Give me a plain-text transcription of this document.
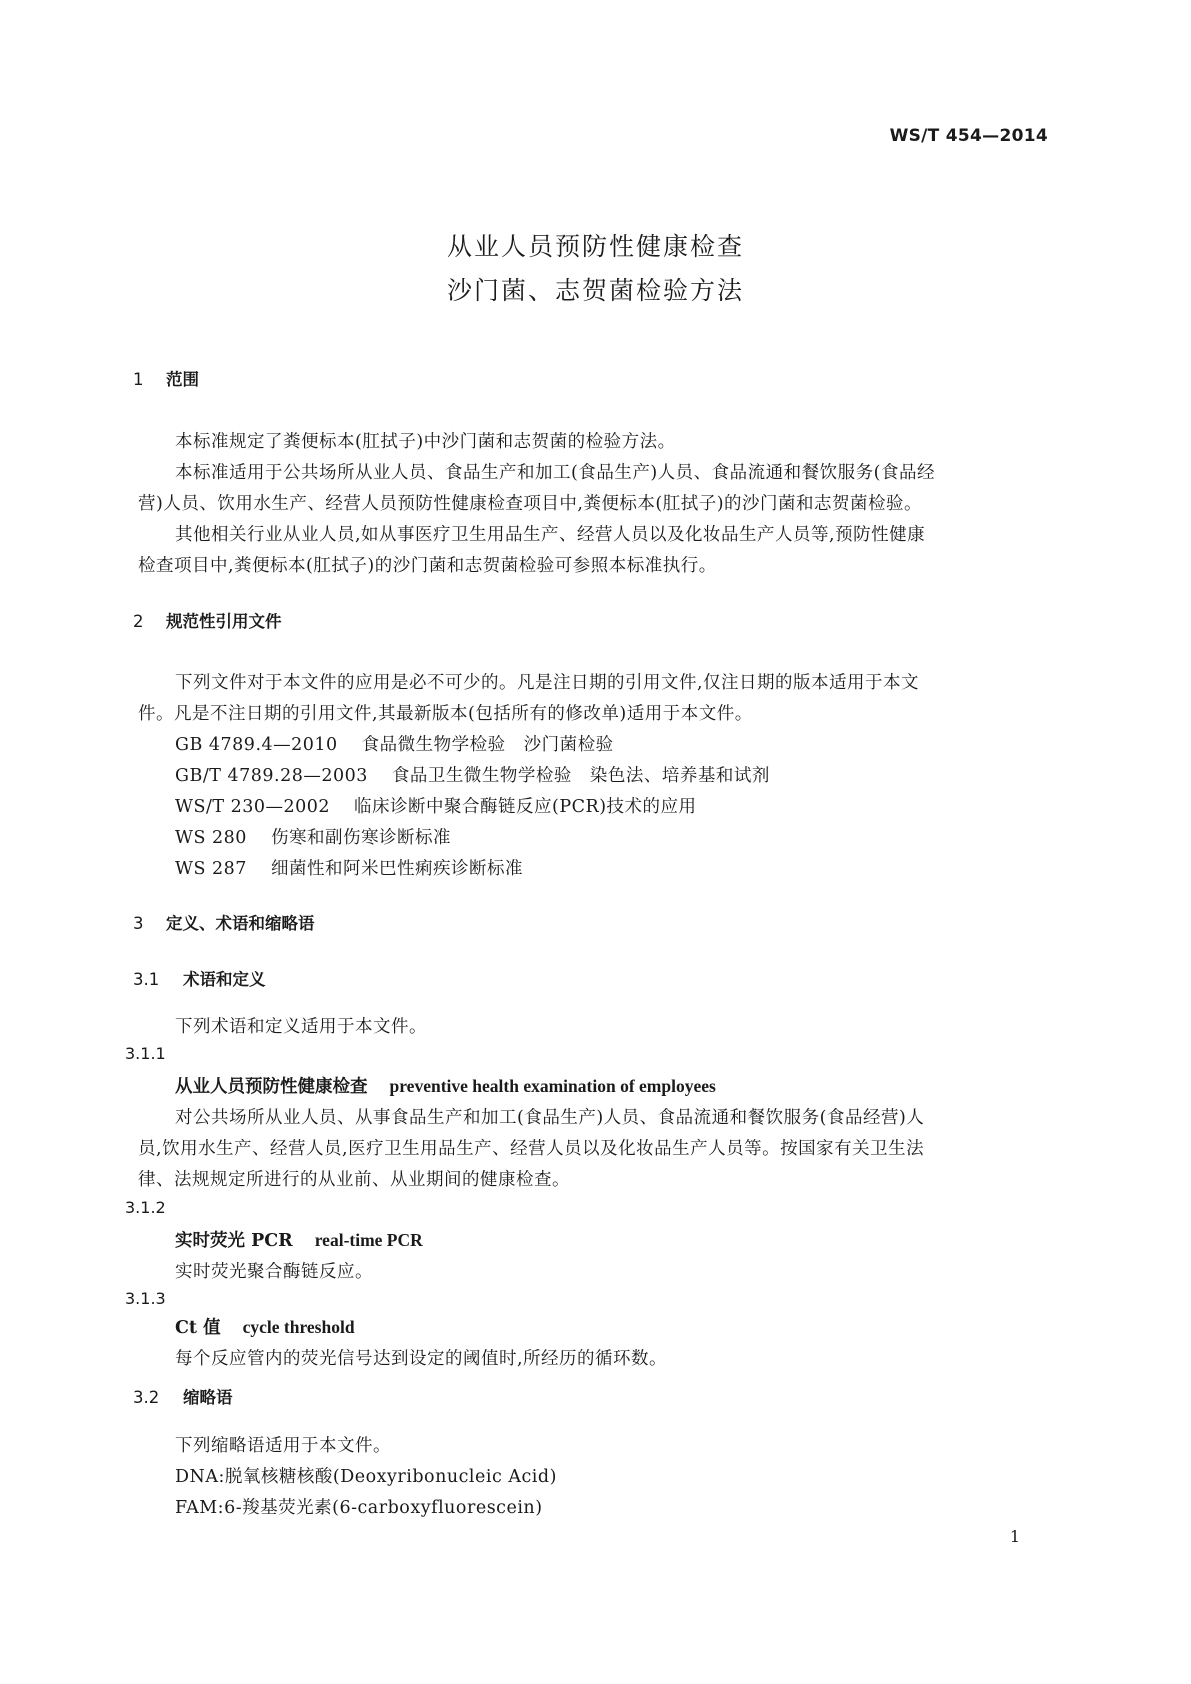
WS/T 454—2014
从业人员预防性健康检查
沙门菌、志贺菌检验方法
1 范围
本标准规定了粪便标本(肛拭子)中沙门菌和志贺菌的检验方法。
本标准适用于公共场所从业人员、食品生产和加工(食品生产)人员、食品流通和餐饮服务(食品经
营)人员、饮用水生产、经营人员预防性健康检查项目中,粪便标本(肛拭子)的沙门菌和志贺菌检验。
其他相关行业从业人员,如从事医疗卫生用品生产、经营人员以及化妆品生产人员等,预防性健康
检查项目中,粪便标本(肛拭子)的沙门菌和志贺菌检验可参照本标准执行。
2 规范性引用文件
下列文件对于本文件的应用是必不可少的。凡是注日期的引用文件,仅注日期的版本适用于本文
件。凡是不注日期的引用文件,其最新版本(包括所有的修改单)适用于本文件。
GB 4789.4—2010 食品微生物学检验　沙门菌检验
GB/T 4789.28—2003 食品卫生微生物学检验　染色法、培养基和试剂
WS/T 230—2002 临床诊断中聚合酶链反应(PCR)技术的应用
WS 280 伤寒和副伤寒诊断标准
WS 287 细菌性和阿米巴性痢疾诊断标准
3 定义、术语和缩略语
3.1 术语和定义
下列术语和定义适用于本文件。
3.1.1
从业人员预防性健康检查 preventive health examination of employees
对公共场所从业人员、从事食品生产和加工(食品生产)人员、食品流通和餐饮服务(食品经营)人
员,饮用水生产、经营人员,医疗卫生用品生产、经营人员以及化妆品生产人员等。按国家有关卫生法
律、法规规定所进行的从业前、从业期间的健康检查。
3.1.2
实时荧光 PCR real-time PCR
实时荧光聚合酶链反应。
3.1.3
Ct 值 cycle threshold
每个反应管内的荧光信号达到设定的阈值时,所经历的循环数。
3.2 缩略语
下列缩略语适用于本文件。
DNA:脱氧核糖核酸(Deoxyribonucleic Acid)
FAM:6-羧基荧光素(6-carboxyfluorescein)
1
